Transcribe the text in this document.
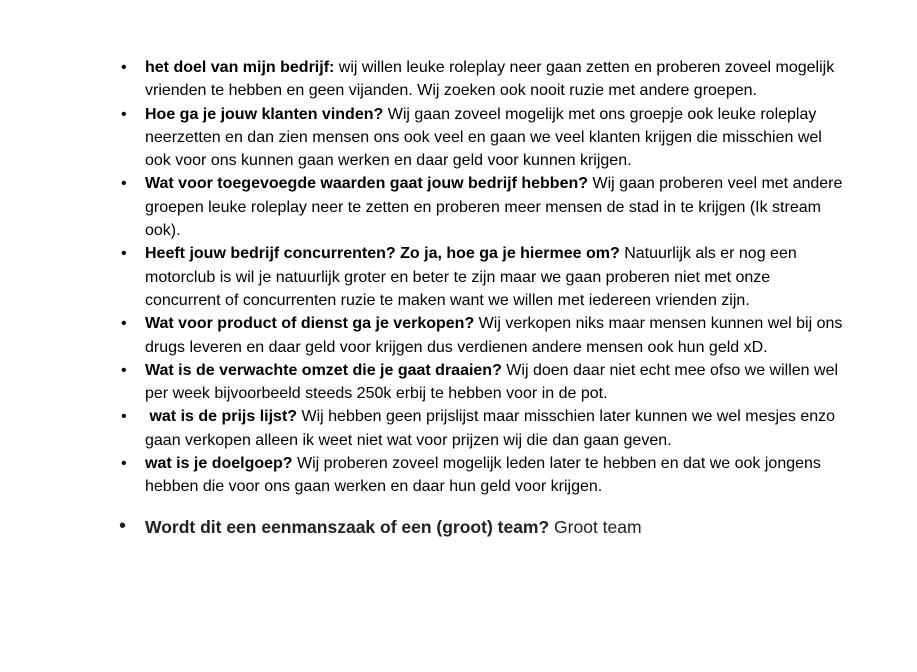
•	het doel van mijn bedrijf: wij willen leuke roleplay neer gaan zetten en proberen zoveel mogelijk vrienden te hebben en geen vijanden. Wij zoeken ook nooit ruzie met andere groepen.
•	Hoe ga je jouw klanten vinden? Wij gaan zoveel mogelijk met ons groepje ook leuke roleplay neerzetten en dan zien mensen ons ook veel en gaan we veel klanten krijgen die misschien wel ook voor ons kunnen gaan werken en daar geld voor kunnen krijgen.
•	Wat voor toegevoegde waarden gaat jouw bedrijf hebben? Wij gaan proberen veel met andere groepen leuke roleplay neer te zetten en proberen meer mensen de stad in te krijgen (Ik stream ook).
•	Heeft jouw bedrijf concurrenten? Zo ja, hoe ga je hiermee om? Natuurlijk als er nog een motorclub is wil je natuurlijk groter en beter te zijn maar we gaan proberen niet met onze concurrent of concurrenten ruzie te maken want we willen met iedereen vrienden zijn.
•	Wat voor product of dienst ga je verkopen? Wij verkopen niks maar mensen kunnen wel bij ons drugs leveren en daar geld voor krijgen dus verdienen andere mensen ook hun geld xD.
•	Wat is de verwachte omzet die je gaat draaien? Wij doen daar niet echt mee ofso we willen wel per week bijvoorbeeld steeds 250k erbij te hebben voor in de pot.
•	wat is de prijs lijst? Wij hebben geen prijslijst maar misschien later kunnen we wel mesjes enzo gaan verkopen alleen ik weet niet wat voor prijzen wij die dan gaan geven.
•	wat is je doelgoep? Wij proberen zoveel mogelijk leden later te hebben en dat we ook jongens hebben die voor ons gaan werken en daar hun geld voor krijgen.
•	Wordt dit een eenmanszaak of een (groot) team? Groot team
